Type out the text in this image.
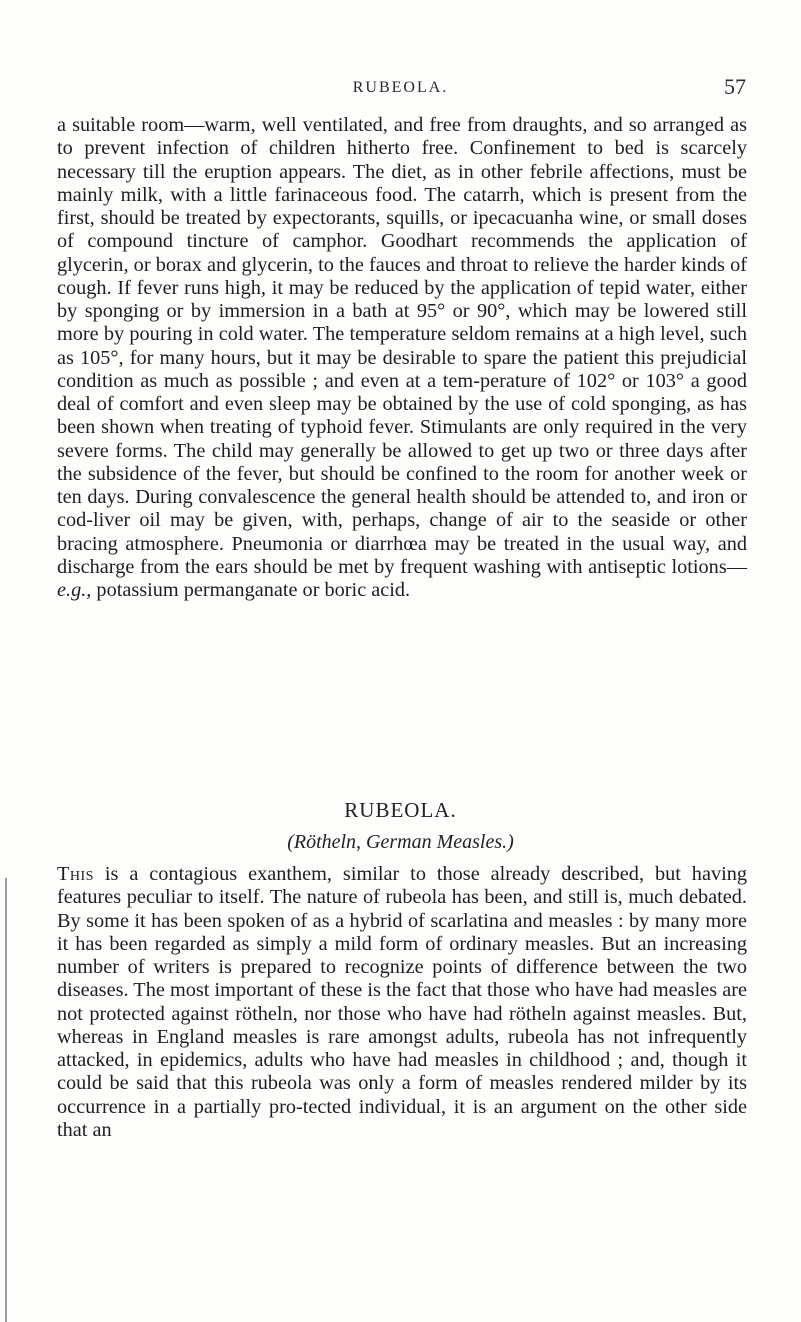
RUBEOLA.	57

a suitable room—warm, well ventilated, and free from draughts, and so arranged as to prevent infection of children hitherto free. Confinement to bed is scarcely necessary till the eruption appears. The diet, as in other febrile affections, must be mainly milk, with a little farinaceous food. The catarrh, which is present from the first, should be treated by expectorants, squills, or ipecacuanha wine, or small doses of compound tincture of camphor. Goodhart recommends the application of glycerin, or borax and glycerin, to the fauces and throat to relieve the harder kinds of cough. If fever runs high, it may be reduced by the application of tepid water, either by sponging or by immersion in a bath at 95° or 90°, which may be lowered still more by pouring in cold water. The temperature seldom remains at a high level, such as 105°, for many hours, but it may be desirable to spare the patient this prejudicial condition as much as possible ; and even at a tem-perature of 102° or 103° a good deal of comfort and even sleep may be obtained by the use of cold sponging, as has been shown when treating of typhoid fever. Stimulants are only required in the very severe forms. The child may generally be allowed to get up two or three days after the subsidence of the fever, but should be confined to the room for another week or ten days. During convalescence the general health should be attended to, and iron or cod-liver oil may be given, with, perhaps, change of air to the seaside or other bracing atmosphere. Pneumonia or diarrhœa may be treated in the usual way, and discharge from the ears should be met by frequent washing with antiseptic lotions—e.g., potassium permanganate or boric acid.

RUBEOLA.
(Rötheln, German Measles.)

This is a contagious exanthem, similar to those already described, but having features peculiar to itself. The nature of rubeola has been, and still is, much debated. By some it has been spoken of as a hybrid of scarlatina and measles : by many more it has been regarded as simply a mild form of ordinary measles. But an increasing number of writers is prepared to recognize points of difference between the two diseases. The most important of these is the fact that those who have had measles are not protected against rötheln, nor those who have had rötheln against measles. But, whereas in England measles is rare amongst adults, rubeola has not infrequently attacked, in epidemics, adults who have had measles in childhood ; and, though it could be said that this rubeola was only a form of measles rendered milder by its occurrence in a partially pro-tected individual, it is an argument on the other side that an
